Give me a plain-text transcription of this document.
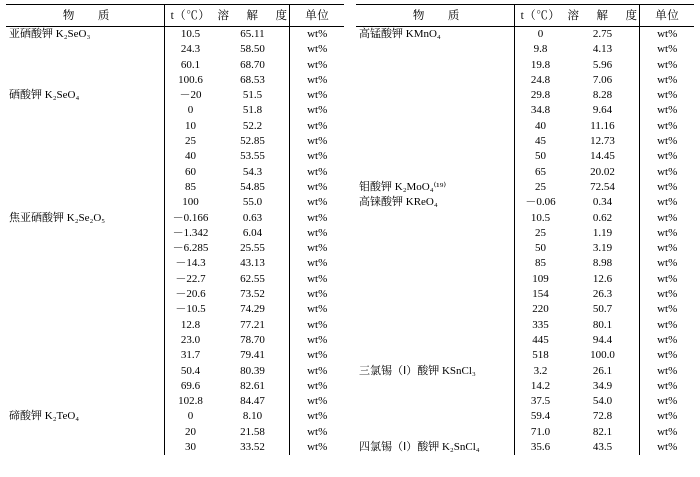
物　质	t（℃）	溶　解　度	单位
亚硒酸钾 K₂SeO₃	10.5	65.11	wt%
	24.3	58.50	wt%
	60.1	68.70	wt%
	100.6	68.53	wt%
硒酸钾 K₂SeO₄	－20	51.5	wt%
	0	51.8	wt%
	10	52.2	wt%
	25	52.85	wt%
	40	53.55	wt%
	60	54.3	wt%
	85	54.85	wt%
	100	55.0	wt%
焦亚硒酸钾 K₂Se₂O₅	－0.166	0.63	wt%
	－1.342	6.04	wt%
	－6.285	25.55	wt%
	－14.3	43.13	wt%
	－22.7	62.55	wt%
	－20.6	73.52	wt%
	－10.5	74.29	wt%
	12.8	77.21	wt%
	23.0	78.70	wt%
	31.7	79.41	wt%
	50.4	80.39	wt%
	69.6	82.61	wt%
	102.8	84.47	wt%
碲酸钾 K₂TeO₄	0	8.10	wt%
	20	21.58	wt%
	30	33.52	wt%
物　质	t（℃）	溶　解　度	单位
高锰酸钾 KMnO₄	0	2.75	wt%
	9.8	4.13	wt%
	19.8	5.96	wt%
	24.8	7.06	wt%
	29.8	8.28	wt%
	34.8	9.64	wt%
	40	11.16	wt%
	45	12.73	wt%
	50	14.45	wt%
	65	20.02	wt%
钼酸钾 K₂MoO₄⁽¹⁹⁾	25	72.54	wt%
高铼酸钾 KReO₄	－0.06	0.34	wt%
	10.5	0.62	wt%
	25	1.19	wt%
	50	3.19	wt%
	85	8.98	wt%
	109	12.6	wt%
	154	26.3	wt%
	220	50.7	wt%
	335	80.1	wt%
	445	94.4	wt%
	518	100.0	wt%
三氯锡（Ⅰ）酸钾 KSnCl₃	3.2	26.1	wt%
	14.2	34.9	wt%
	37.5	54.0	wt%
	59.4	72.8	wt%
	71.0	82.1	wt%
四氯锡（Ⅰ）酸钾 K₂SnCl₄	35.6	43.5	wt%
